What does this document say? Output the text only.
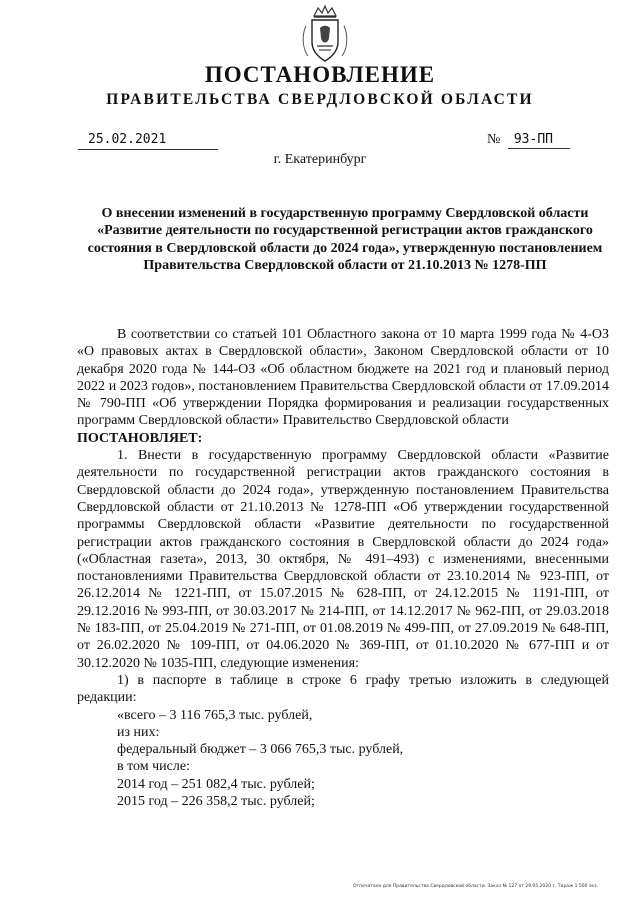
ПОСТАНОВЛЕНИЕ
ПРАВИТЕЛЬСТВА СВЕРДЛОВСКОЙ ОБЛАСТИ
25.02.2021	№ 93-ПП
г. Екатеринбург

О внесении изменений в государственную программу Свердловской области «Развитие деятельности по государственной регистрации актов гражданского состояния в Свердловской области до 2024 года», утвержденную постановлением Правительства Свердловской области от 21.10.2013 № 1278-ПП

В соответствии со статьей 101 Областного закона от 10 марта 1999 года № 4-ОЗ «О правовых актах в Свердловской области», Законом Свердловской области от 10 декабря 2020 года № 144-ОЗ «Об областном бюджете на 2021 год и плановый период 2022 и 2023 годов», постановлением Правительства Свердловской области от 17.09.2014 № 790-ПП «Об утверждении Порядка формирования и реализации государственных программ Свердловской области» Правительство Свердловской области

ПОСТАНОВЛЯЕТ:

1. Внести в государственную программу Свердловской области «Развитие деятельности по государственной регистрации актов гражданского состояния в Свердловской области до 2024 года», утвержденную постановлением Правительства Свердловской области от 21.10.2013 № 1278-ПП «Об утверждении государственной программы Свердловской области «Развитие деятельности по государственной регистрации актов гражданского состояния в Свердловской области до 2024 года» («Областная газета», 2013, 30 октября, № 491–493) с изменениями, внесенными постановлениями Правительства Свердловской области от 23.10.2014 № 923-ПП, от 26.12.2014 № 1221-ПП, от 15.07.2015 № 628-ПП, от 24.12.2015 № 1191-ПП, от 29.12.2016 № 993-ПП, от 30.03.2017 № 214-ПП, от 14.12.2017 № 962-ПП, от 29.03.2018 № 183-ПП, от 25.04.2019 № 271-ПП, от 01.08.2019 № 499-ПП, от 27.09.2019 № 648-ПП, от 26.02.2020 № 109-ПП, от 04.06.2020 № 369-ПП, от 01.10.2020 № 677-ПП и от 30.12.2020 № 1035-ПП, следующие изменения:

1) в паспорте в таблице в строке 6 графу третью изложить в следующей редакции:

«всего – 3 116 765,3 тыс. рублей,

из них:

федеральный бюджет – 3 066 765,3 тыс. рублей,

в том числе:

2014 год – 251 082,4 тыс. рублей;

2015 год – 226 358,2 тыс. рублей;

Отпечатано для Правительства Свердловской области. Заказ № 127 от 29.05.2020 г. Тираж 1 500 экз.
